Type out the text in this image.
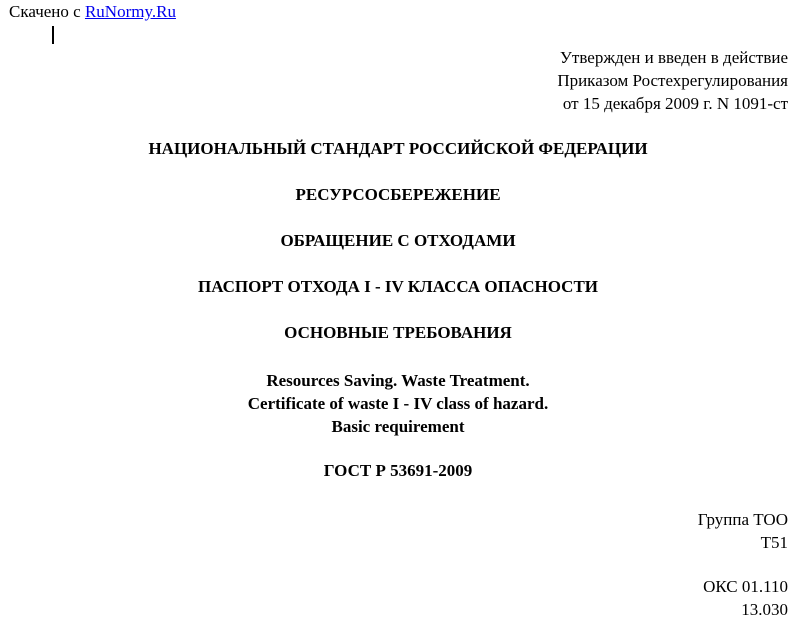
Скачено с RuNormy.Ru
Утвержден и введен в действие
Приказом Ростехрегулирования
от 15 декабря 2009 г. N 1091-ст
НАЦИОНАЛЬНЫЙ СТАНДАРТ РОССИЙСКОЙ ФЕДЕРАЦИИ
РЕСУРСОСБЕРЕЖЕНИЕ
ОБРАЩЕНИЕ С ОТХОДАМИ
ПАСПОРТ ОТХОДА I - IV КЛАССА ОПАСНОСТИ
ОСНОВНЫЕ ТРЕБОВАНИЯ
Resources Saving. Waste Treatment.
Certificate of waste I - IV class of hazard.
Basic requirement
ГОСТ Р 53691-2009
Группа ТОО
Т51
ОКС 01.110
13.030
